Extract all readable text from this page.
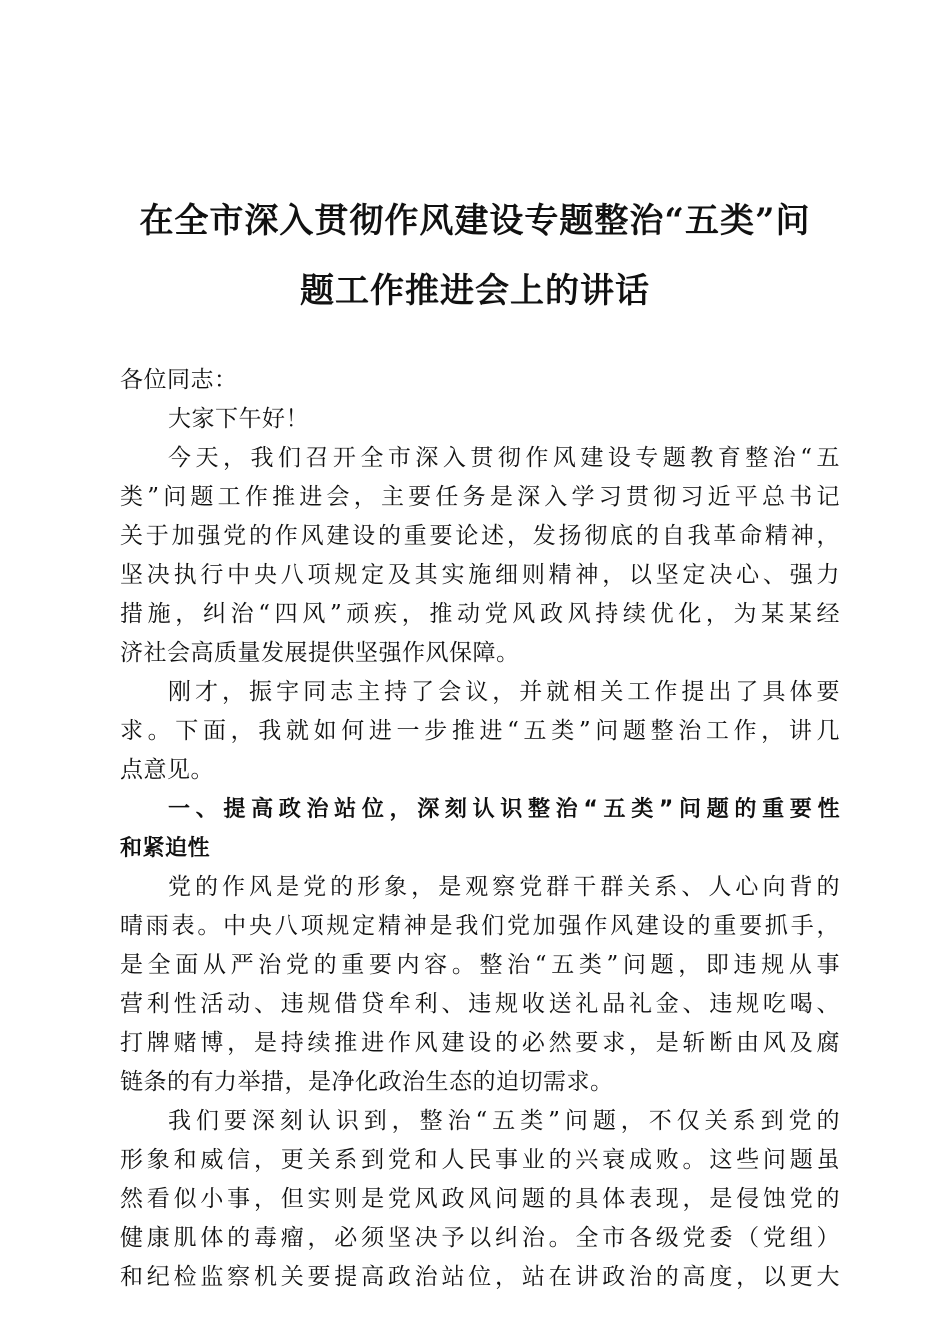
在全市深入贯彻作风建设专题整治“五类”问
题工作推进会上的讲话
各位同志：
大家下午好！
今天，我们召开全市深入贯彻作风建设专题教育整治“五
类”问题工作推进会，主要任务是深入学习贯彻习近平总书记
关于加强党的作风建设的重要论述，发扬彻底的自我革命精神，
坚决执行中央八项规定及其实施细则精神，以坚定决心、强力
措施，纠治“四风”顽疾，推动党风政风持续优化，为某某经
济社会高质量发展提供坚强作风保障。
刚才，振宇同志主持了会议，并就相关工作提出了具体要
求。下面，我就如何进一步推进“五类”问题整治工作，讲几
点意见。
一、提高政治站位，深刻认识整治“五类”问题的重要性
和紧迫性
党的作风是党的形象，是观察党群干群关系、人心向背的
晴雨表。中央八项规定精神是我们党加强作风建设的重要抓手，
是全面从严治党的重要内容。整治“五类”问题，即违规从事
营利性活动、违规借贷牟利、违规收送礼品礼金、违规吃喝、
打牌赌博，是持续推进作风建设的必然要求，是斩断由风及腐
链条的有力举措，是净化政治生态的迫切需求。
我们要深刻认识到，整治“五类”问题，不仅关系到党的
形象和威信，更关系到党和人民事业的兴衰成败。这些问题虽
然看似小事，但实则是党风政风问题的具体表现，是侵蚀党的
健康肌体的毒瘤，必须坚决予以纠治。全市各级党委（党组）
和纪检监察机关要提高政治站位，站在讲政治的高度，以更大
